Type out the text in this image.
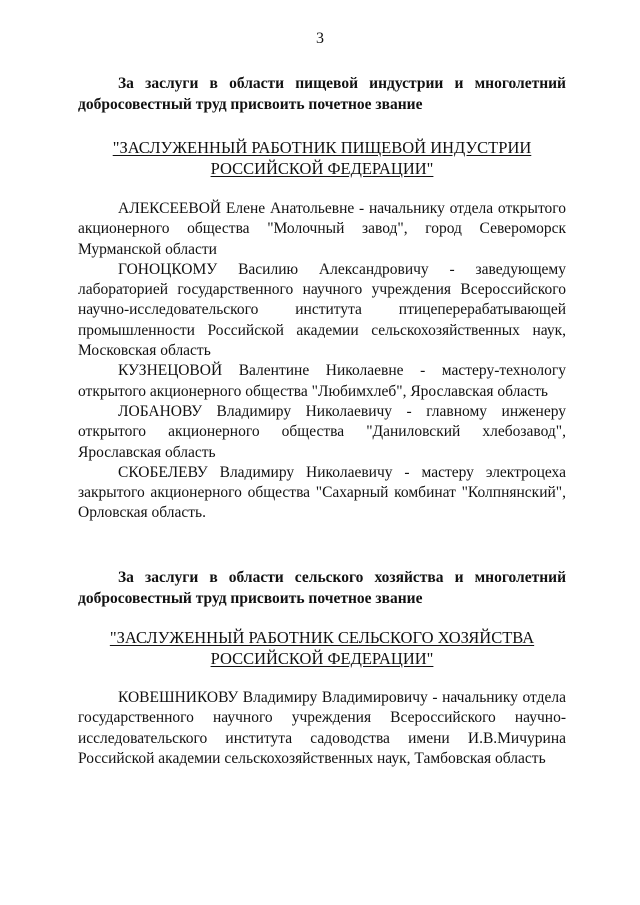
3

За заслуги в области пищевой индустрии и многолетний добросовестный труд присвоить почетное звание

"ЗАСЛУЖЕННЫЙ РАБОТНИК ПИЩЕВОЙ ИНДУСТРИИ

РОССИЙСКОЙ ФЕДЕРАЦИИ"

АЛЕКСЕЕВОЙ Елене Анатольевне - начальнику отдела открытого акционерного общества "Молочный завод", город Североморск Мурманской области

ГОНОЦКОМУ Василию Александровичу - заведующему лабораторией государственного научного учреждения Всероссийского научно-исследовательского института птицеперерабатывающей промышленности Российской академии сельскохозяйственных наук, Московская область

КУЗНЕЦОВОЙ Валентине Николаевне - мастеру-технологу открытого акционерного общества "Любимхлеб", Ярославская область

ЛОБАНОВУ Владимиру Николаевичу - главному инженеру открытого акционерного общества "Даниловский хлебозавод", Ярославская область

СКОБЕЛЕВУ Владимиру Николаевичу - мастеру электроцеха закрытого акционерного общества "Сахарный комбинат "Колпнянский", Орловская область.

За заслуги в области сельского хозяйства и многолетний добросовестный труд присвоить почетное звание

"ЗАСЛУЖЕННЫЙ РАБОТНИК СЕЛЬСКОГО ХОЗЯЙСТВА

РОССИЙСКОЙ ФЕДЕРАЦИИ"

КОВЕШНИКОВУ Владимиру Владимировичу - начальнику отдела государственного научного учреждения Всероссийского научно-исследовательского института садоводства имени И.В.Мичурина Российской академии сельскохозяйственных наук, Тамбовская область
